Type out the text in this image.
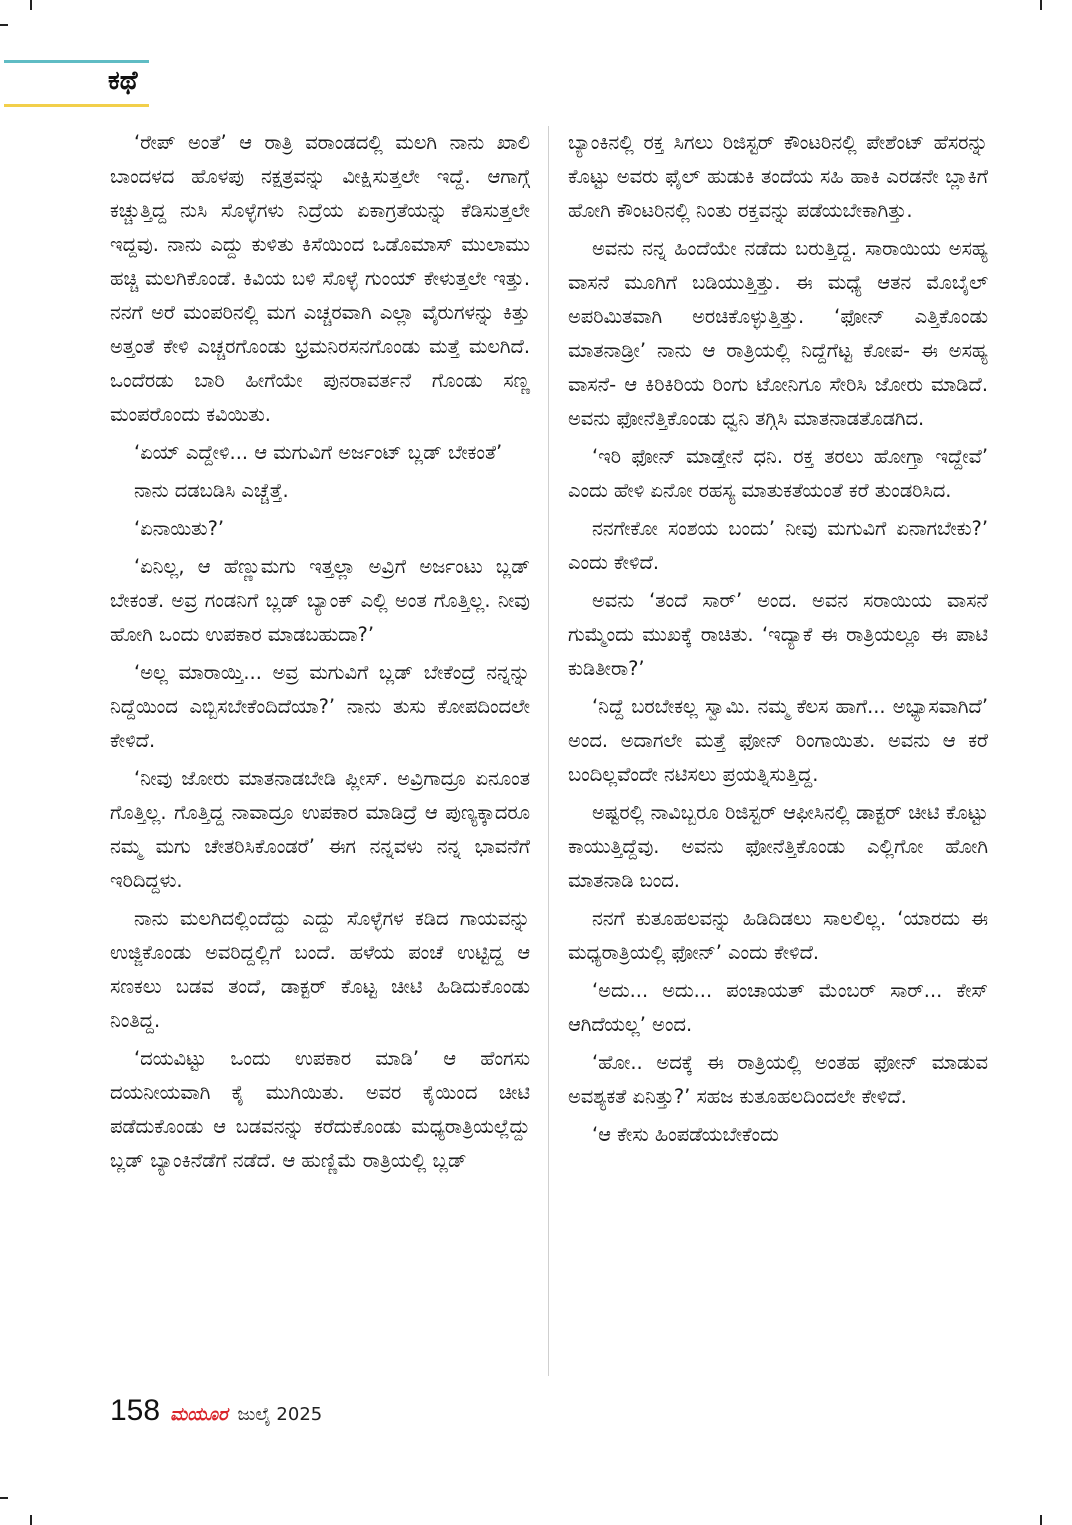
ಕಥೆ

‘ರೇಪ್ ಅಂತೆ’ ಆ ರಾತ್ರಿ ವರಾಂಡದಲ್ಲಿ ಮಲಗಿ ನಾನು ಖಾಲಿ ಬಾಂದಳದ ಹೊಳಪು ನಕ್ಷತ್ರವನ್ನು ವೀಕ್ಷಿಸುತ್ತಲೇ ಇದ್ದೆ. ಆಗಾಗ್ಗೆ ಕಚ್ಚುತ್ತಿದ್ದ ನುಸಿ ಸೊಳ್ಳೆಗಳು ನಿದ್ರೆಯ ಏಕಾಗ್ರತೆಯನ್ನು ಕೆಡಿಸುತ್ತಲೇ ಇದ್ದವು. ನಾನು ಎದ್ದು ಕುಳಿತು ಕಿಸೆಯಿಂದ ಒಡೊಮಾಸ್ ಮುಲಾಮು ಹಚ್ಚಿ ಮಲಗಿಕೊಂಡೆ. ಕಿವಿಯ ಬಳಿ ಸೊಳ್ಳೆ ಗುಂಯ್ ಕೇಳುತ್ತಲೇ ಇತ್ತು. ನನಗೆ ಅರೆ ಮಂಪರಿನಲ್ಲಿ ಮಗ ಎಚ್ಚರವಾಗಿ ಎಲ್ಲಾ ವೈರುಗಳನ್ನು ಕಿತ್ತು ಅತ್ತಂತೆ ಕೇಳಿ ಎಚ್ಚರಗೊಂಡು ಭ್ರಮನಿರಸನಗೊಂಡು ಮತ್ತೆ ಮಲಗಿದೆ. ಒಂದೆರಡು ಬಾರಿ ಹೀಗೆಯೇ ಪುನರಾವರ್ತನೆ ಗೊಂಡು ಸಣ್ಣ ಮಂಪರೊಂದು ಕವಿಯಿತು.

‘ಏಯ್ ಎದ್ದೇಳಿ... ಆ ಮಗುವಿಗೆ ಅರ್ಜಂಟ್ ಬ್ಲಡ್ ಬೇಕಂತೆ’

ನಾನು ದಡಬಡಿಸಿ ಎಚ್ಚೆತ್ತೆ.

‘ಏನಾಯಿತು?’

‘ಏನಿಲ್ಲ, ಆ ಹೆಣ್ಣುಮಗು ಇತ್ತಲ್ಲಾ ಅವ್ರಿಗೆ ಅರ್ಜಂಟು ಬ್ಲಡ್ ಬೇಕಂತೆ. ಅವ್ರ ಗಂಡನಿಗೆ ಬ್ಲಡ್ ಬ್ಯಾಂಕ್ ಎಲ್ಲಿ ಅಂತ ಗೊತ್ತಿಲ್ಲ. ನೀವು ಹೋಗಿ ಒಂದು ಉಪಕಾರ ಮಾಡಬಹುದಾ?’

‘ಅಲ್ಲ ಮಾರಾಯ್ತಿ... ಅವ್ರ ಮಗುವಿಗೆ ಬ್ಲಡ್ ಬೇಕೆಂದ್ರೆ ನನ್ನನ್ನು ನಿದ್ದೆಯಿಂದ ಎಬ್ಬಿಸಬೇಕೆಂದಿದೆಯಾ?’ ನಾನು ತುಸು ಕೋಪದಿಂದಲೇ ಕೇಳಿದೆ.

‘ನೀವು ಜೋರು ಮಾತನಾಡಬೇಡಿ ಪ್ಲೀಸ್. ಅವ್ರಿಗಾದ್ರೂ ಏನೂಂತ ಗೊತ್ತಿಲ್ಲ. ಗೊತ್ತಿದ್ದ ನಾವಾದ್ರೂ ಉಪಕಾರ ಮಾಡಿದ್ರೆ ಆ ಪುಣ್ಯಕ್ಕಾದರೂ ನಮ್ಮ ಮಗು ಚೇತರಿಸಿಕೊಂಡರೆ’ ಈಗ ನನ್ನವಳು ನನ್ನ ಭಾವನೆಗೆ ಇರಿದಿದ್ದಳು.

ನಾನು ಮಲಗಿದಲ್ಲಿಂದೆದ್ದು ಎದ್ದು ಸೊಳ್ಳೆಗಳ ಕಡಿದ ಗಾಯವನ್ನು ಉಜ್ಜಿಕೊಂಡು ಅವರಿದ್ದಲ್ಲಿಗೆ ಬಂದೆ. ಹಳೆಯ ಪಂಚೆ ಉಟ್ಟಿದ್ದ ಆ ಸಣಕಲು ಬಡವ ತಂದೆ, ಡಾಕ್ಟರ್ ಕೊಟ್ಟ ಚೀಟಿ ಹಿಡಿದುಕೊಂಡು ನಿಂತಿದ್ದ.

‘ದಯವಿಟ್ಟು ಒಂದು ಉಪಕಾರ ಮಾಡಿ’ ಆ ಹೆಂಗಸು ದಯನೀಯವಾಗಿ ಕೈ ಮುಗಿಯಿತು. ಅವರ ಕೈಯಿಂದ ಚೀಟಿ ಪಡೆದುಕೊಂಡು ಆ ಬಡವನನ್ನು ಕರೆದುಕೊಂಡು ಮಧ್ಯರಾತ್ರಿಯಲ್ಲೆದ್ದು ಬ್ಲಡ್ ಬ್ಯಾಂಕಿನೆಡೆಗೆ ನಡೆದೆ. ಆ ಹುಣ್ಣಿಮೆ ರಾತ್ರಿಯಲ್ಲಿ ಬ್ಲಡ್

ಬ್ಯಾಂಕಿನಲ್ಲಿ ರಕ್ತ ಸಿಗಲು ರಿಜಿಸ್ಟರ್ ಕೌಂಟರಿನಲ್ಲಿ ಪೇಶೆಂಟ್ ಹೆಸರನ್ನು ಕೊಟ್ಟು ಅವರು ಫೈಲ್ ಹುಡುಕಿ ತಂದೆಯ ಸಹಿ ಹಾಕಿ ಎರಡನೇ ಬ್ಲಾಕಿಗೆ ಹೋಗಿ ಕೌಂಟರಿನಲ್ಲಿ ನಿಂತು ರಕ್ತವನ್ನು ಪಡೆಯಬೇಕಾಗಿತ್ತು.

ಅವನು ನನ್ನ ಹಿಂದೆಯೇ ನಡೆದು ಬರುತ್ತಿದ್ದ. ಸಾರಾಯಿಯ ಅಸಹ್ಯ ವಾಸನೆ ಮೂಗಿಗೆ ಬಡಿಯುತ್ತಿತ್ತು. ಈ ಮಧ್ಯೆ ಆತನ ಮೊಬೈಲ್ ಅಪರಿಮಿತವಾಗಿ ಅರಚಿಕೊಳ್ಳುತ್ತಿತ್ತು. ‘ಫೋನ್ ಎತ್ತಿಕೊಂಡು ಮಾತನಾಡ್ರೀ’ ನಾನು ಆ ರಾತ್ರಿಯಲ್ಲಿ ನಿದ್ದೆಗೆಟ್ಟ ಕೋಪ- ಈ ಅಸಹ್ಯ ವಾಸನೆ- ಆ ಕಿರಿಕಿರಿಯ ರಿಂಗು ಟೋನಿಗೂ ಸೇರಿಸಿ ಜೋರು ಮಾಡಿದೆ. ಅವನು ಫೋನೆತ್ತಿಕೊಂಡು ಧ್ವನಿ ತಗ್ಗಿಸಿ ಮಾತನಾಡತೊಡಗಿದ.

‘ಇರಿ ಫೋನ್ ಮಾಡ್ತೇನೆ ಧನಿ. ರಕ್ತ ತರಲು ಹೋಗ್ತಾ ಇದ್ದೇವೆ’ ಎಂದು ಹೇಳಿ ಏನೋ ರಹಸ್ಯ ಮಾತುಕತೆಯಂತೆ ಕರೆ ತುಂಡರಿಸಿದ.

ನನಗೇಕೋ ಸಂಶಯ ಬಂದು’ ನೀವು ಮಗುವಿಗೆ ಏನಾಗಬೇಕು?’ ಎಂದು ಕೇಳಿದೆ.

ಅವನು ‘ತಂದೆ ಸಾರ್’ ಅಂದ. ಅವನ ಸರಾಯಿಯ ವಾಸನೆ ಗುಮ್ಮೆಂದು ಮುಖಕ್ಕೆ ರಾಚಿತು. ‘ಇದ್ಯಾಕೆ ಈ ರಾತ್ರಿಯಲ್ಲೂ ಈ ಪಾಟಿ ಕುಡಿತೀರಾ?’

‘ನಿದ್ದೆ ಬರಬೇಕಲ್ಲ ಸ್ವಾಮಿ. ನಮ್ಮ ಕೆಲಸ ಹಾಗೆ... ಅಭ್ಯಾಸವಾಗಿದೆ’ ಅಂದ. ಅದಾಗಲೇ ಮತ್ತೆ ಫೋನ್ ರಿಂಗಾಯಿತು. ಅವನು ಆ ಕರೆ ಬಂದಿಲ್ಲವೆಂದೇ ನಟಿಸಲು ಪ್ರಯತ್ನಿಸುತ್ತಿದ್ದ.

ಅಷ್ಟರಲ್ಲಿ ನಾವಿಬ್ಬರೂ ರಿಜಿಸ್ಟರ್ ಆಫೀಸಿನಲ್ಲಿ ಡಾಕ್ಟರ್ ಚೀಟಿ ಕೊಟ್ಟು ಕಾಯುತ್ತಿದ್ದೆವು. ಅವನು ಫೋನೆತ್ತಿಕೊಂಡು ಎಲ್ಲಿಗೋ ಹೋಗಿ ಮಾತನಾಡಿ ಬಂದ.

ನನಗೆ ಕುತೂಹಲವನ್ನು ಹಿಡಿದಿಡಲು ಸಾಲಲಿಲ್ಲ. ‘ಯಾರದು ಈ ಮಧ್ಯರಾತ್ರಿಯಲ್ಲಿ ಫೋನ್’ ಎಂದು ಕೇಳಿದೆ.

‘ಅದು... ಅದು... ಪಂಚಾಯತ್ ಮೆಂಬರ್ ಸಾರ್... ಕೇಸ್ ಆಗಿದೆಯಲ್ಲ’ ಅಂದ.

‘ಹೋ.. ಅದಕ್ಕೆ ಈ ರಾತ್ರಿಯಲ್ಲಿ ಅಂತಹ ಫೋನ್ ಮಾಡುವ ಅವಶ್ಯಕತೆ ಏನಿತ್ತು?’ ಸಹಜ ಕುತೂಹಲದಿಂದಲೇ ಕೇಳಿದೆ.

‘ಆ ಕೇಸು ಹಿಂಪಡೆಯಬೇಕೆಂದು

158 ಮಯೂರ ಜುಲೈ 2025
